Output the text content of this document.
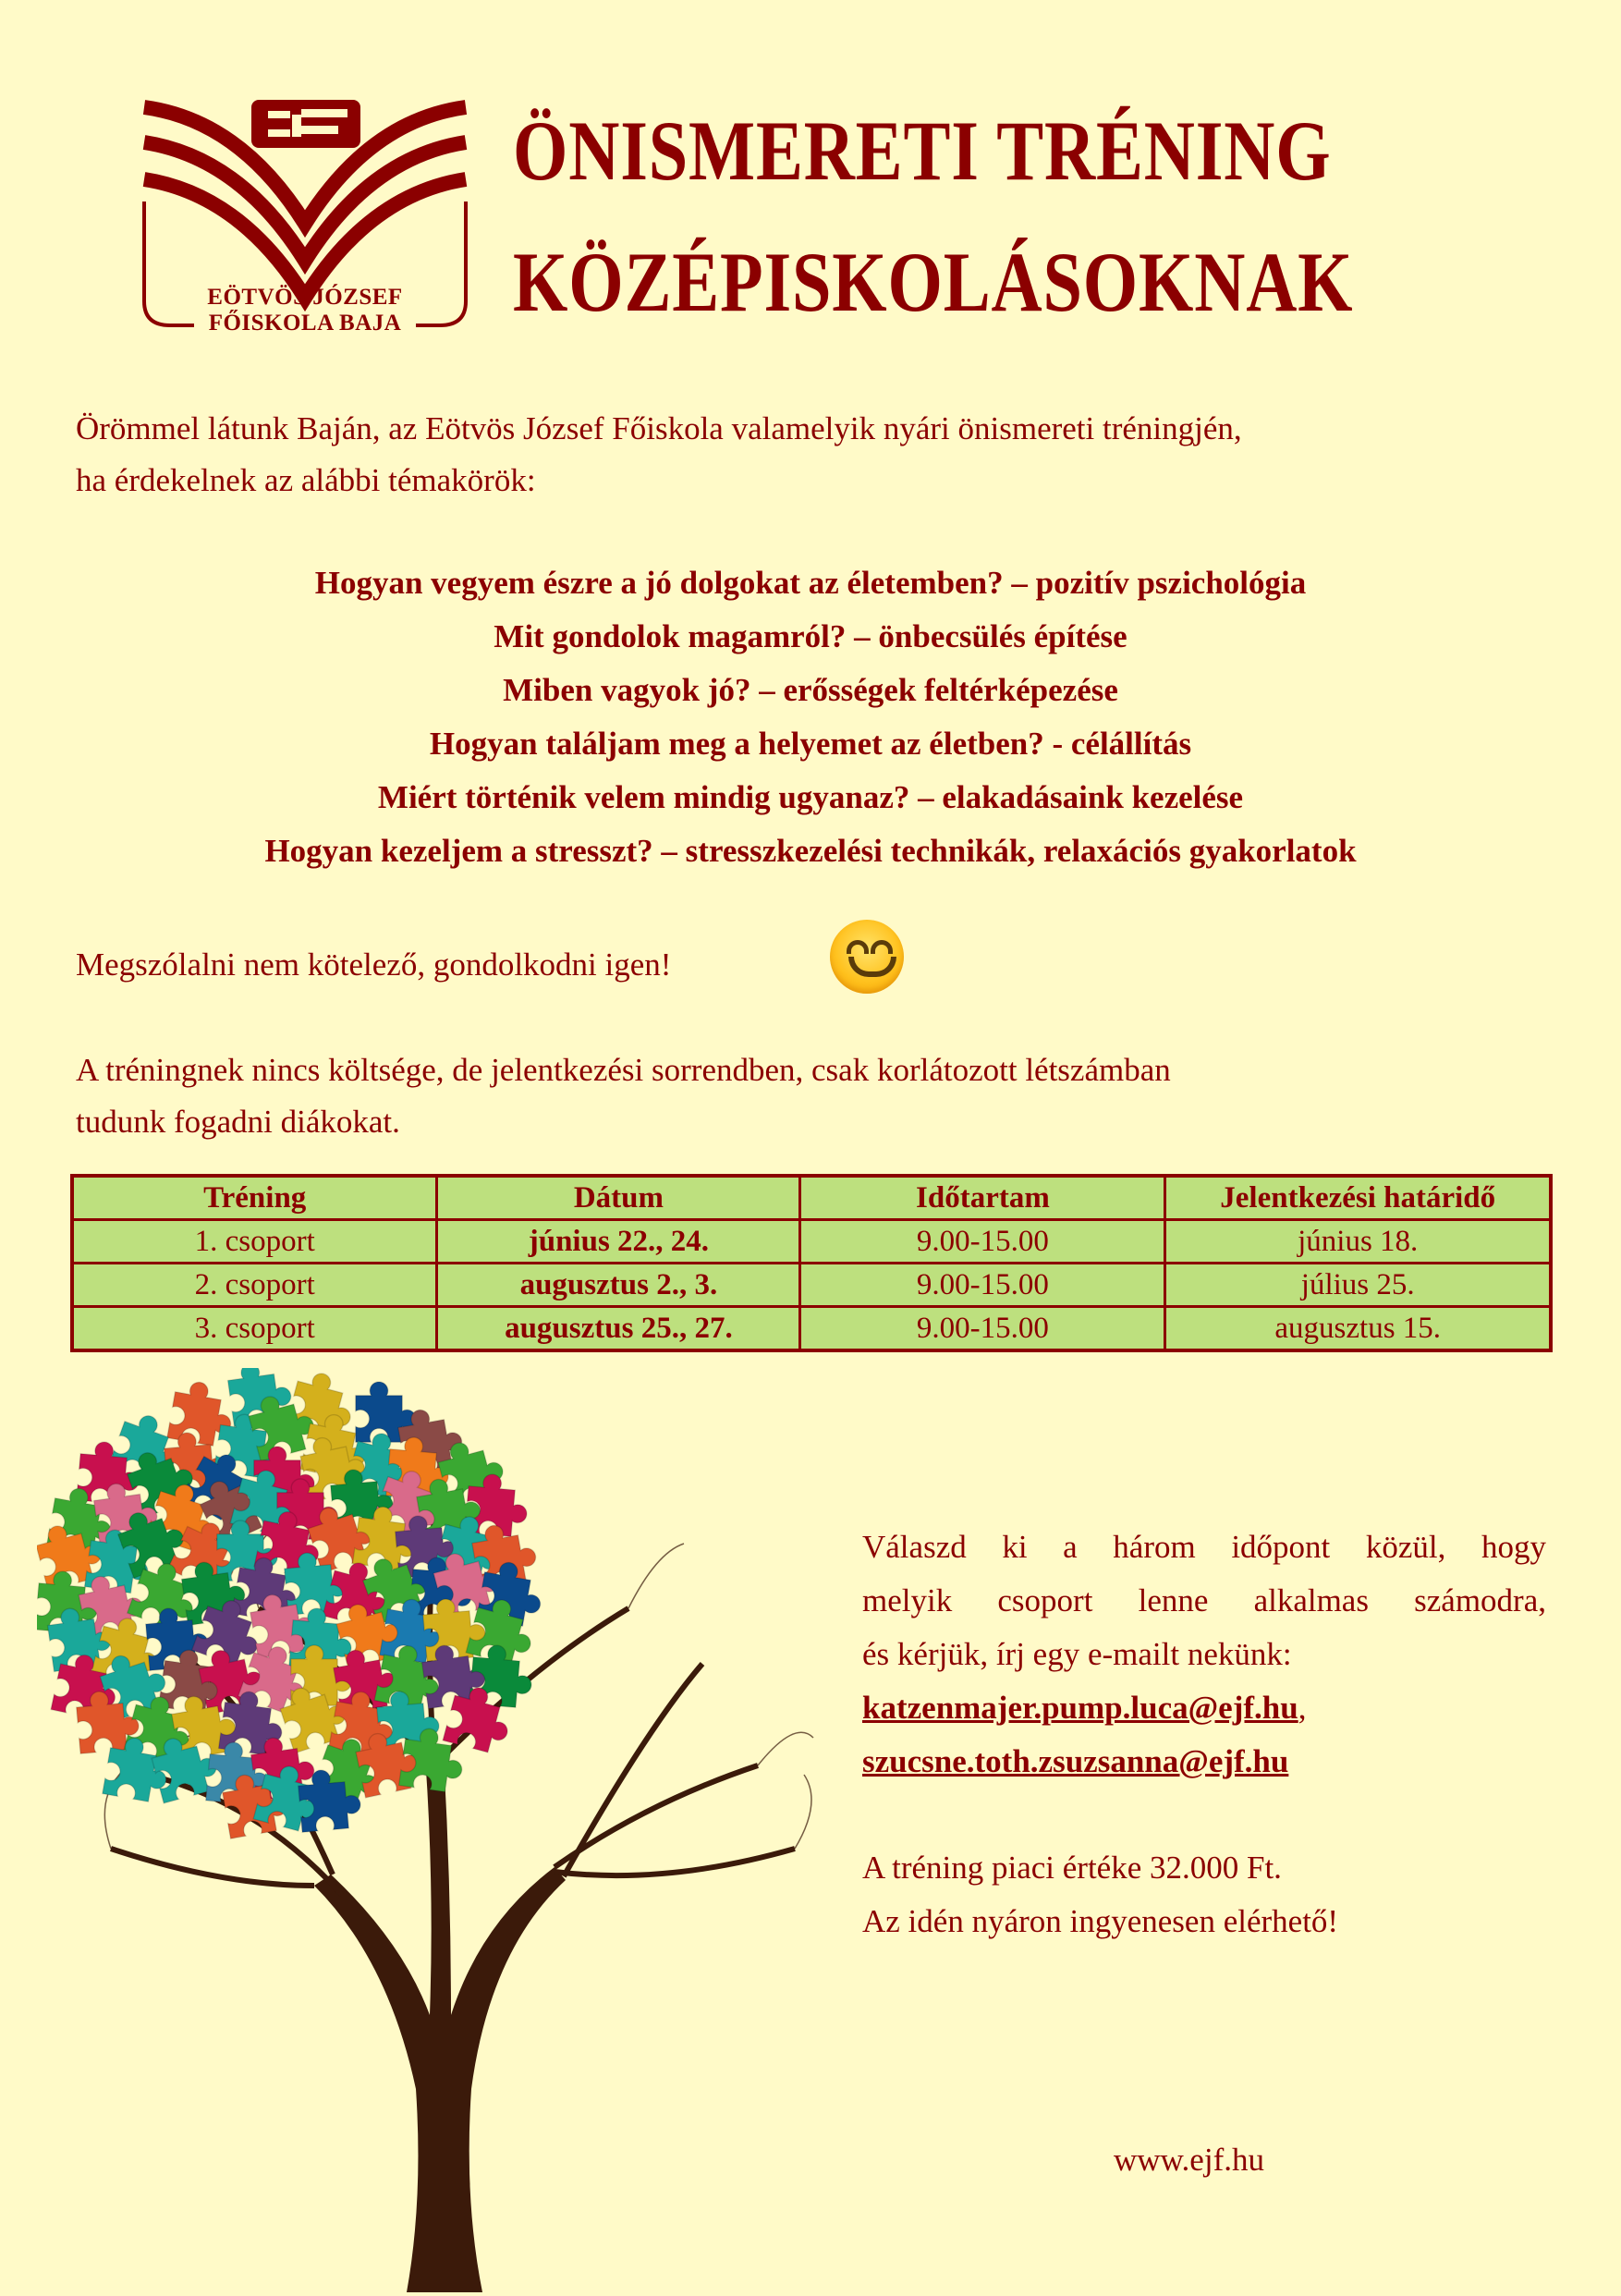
EÖTVÖS JÓZSEF
FŐISKOLA BAJA
ÖNISMERETI TRÉNING
KÖZÉPISKOLÁSOKNAK
Örömmel látunk Baján, az Eötvös József Főiskola valamelyik nyári önismereti tréningjén,
ha érdekelnek az alábbi témakörök:
Hogyan vegyem észre a jó dolgokat az életemben? – pozitív pszichológia
Mit gondolok magamról? – önbecsülés építése
Miben vagyok jó? – erősségek feltérképezése
Hogyan találjam meg a helyemet az életben? - célállítás
Miért történik velem mindig ugyanaz? – elakadásaink kezelése
Hogyan kezeljem a stresszt? – stresszkezelési technikák, relaxációs gyakorlatok
Megszólalni nem kötelező, gondolkodni igen!
A tréningnek nincs költsége, de jelentkezési sorrendben, csak korlátozott létszámban
tudunk fogadni diákokat.
Tréning	Dátum	Időtartam	Jelentkezési határidő
1. csoport	június 22., 24.	9.00-15.00	június 18.
2. csoport	augusztus 2., 3.	9.00-15.00	július 25.
3. csoport	augusztus 25., 27.	9.00-15.00	augusztus 15.
Válaszd ki a három időpont közül, hogy
melyik csoport lenne alkalmas számodra,
és kérjük, írj egy e-mailt nekünk:
katzenmajer.pump.luca@ejf.hu,
szucsne.toth.zsuzsanna@ejf.hu
A tréning piaci értéke 32.000 Ft.
Az idén nyáron ingyenesen elérhető!
www.ejf.hu
